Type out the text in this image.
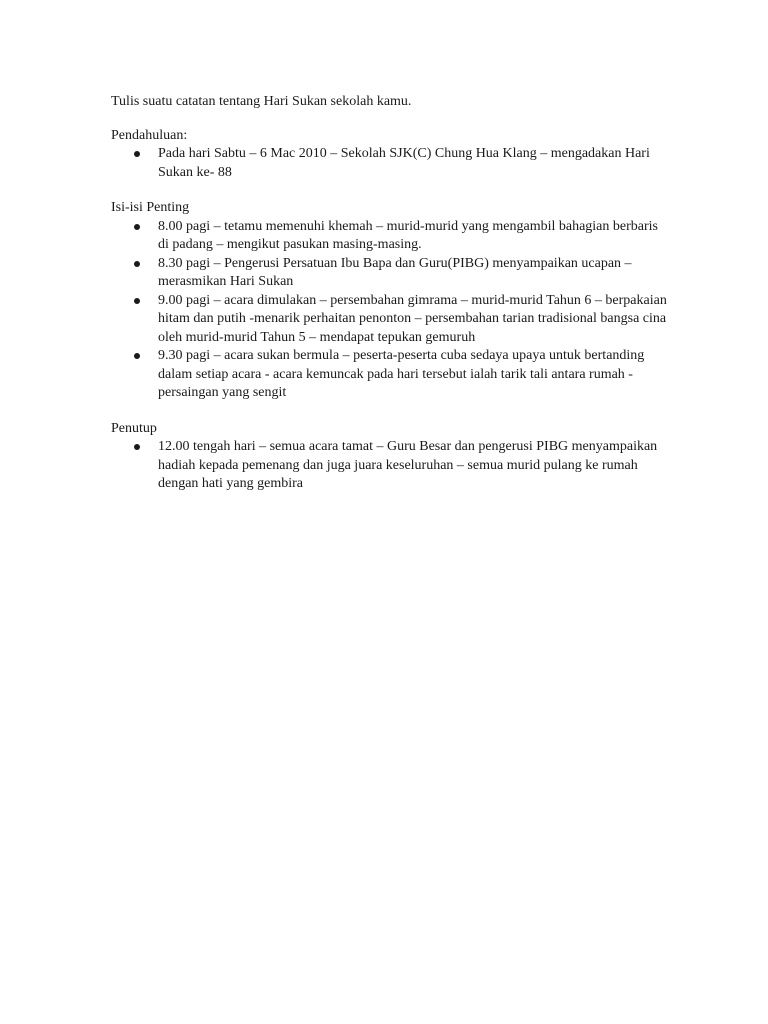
Tulis suatu catatan tentang Hari Sukan sekolah kamu.

Pendahuluan:

Pada hari Sabtu – 6 Mac 2010 – Sekolah SJK(C) Chung Hua Klang – mengadakan Hari Sukan ke- 88

Isi-isi Penting

8.00 pagi – tetamu memenuhi khemah – murid-murid yang mengambil bahagian berbaris di padang – mengikut pasukan masing-masing.
8.30 pagi – Pengerusi Persatuan Ibu Bapa dan Guru(PIBG) menyampaikan ucapan – merasmikan Hari Sukan
9.00 pagi – acara dimulakan – persembahan gimrama – murid-murid Tahun 6 – berpakaian hitam dan putih -menarik perhaitan penonton – persembahan tarian tradisional bangsa cina oleh murid-murid Tahun 5 – mendapat tepukan gemuruh
9.30 pagi – acara sukan bermula – peserta-peserta cuba sedaya upaya untuk bertanding dalam setiap acara - acara kemuncak pada hari tersebut ialah tarik tali antara rumah - persaingan yang sengit

Penutup

12.00 tengah hari – semua acara tamat – Guru Besar dan pengerusi PIBG menyampaikan hadiah kepada pemenang dan juga juara keseluruhan – semua murid pulang ke rumah dengan hati yang gembira
